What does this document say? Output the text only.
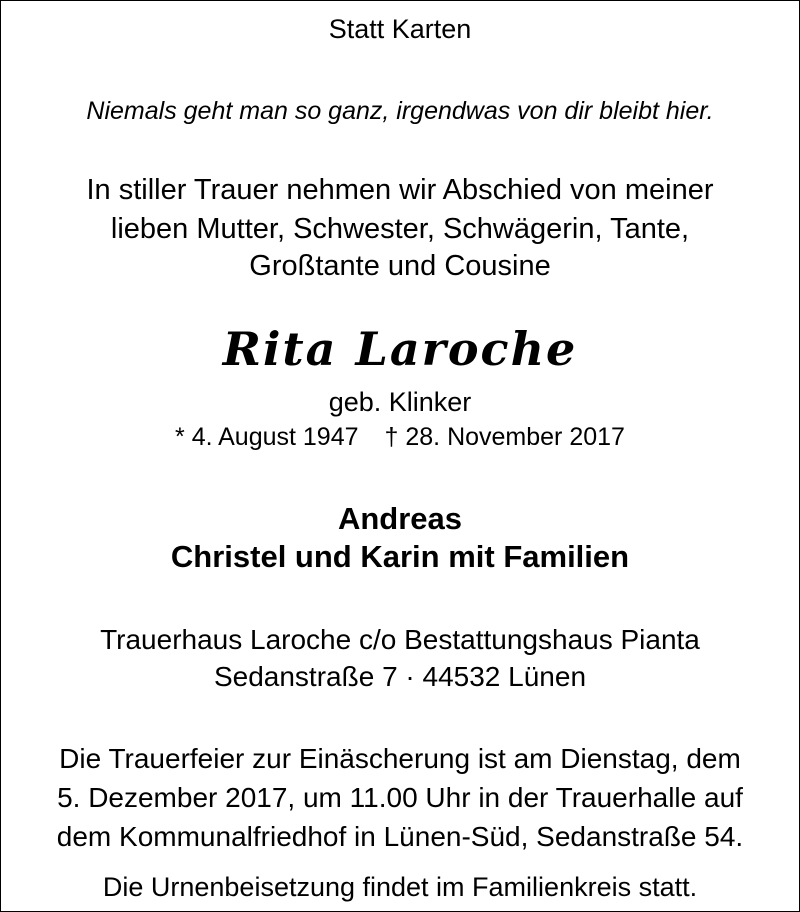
Statt Karten
Niemals geht man so ganz, irgendwas von dir bleibt hier.
In stiller Trauer nehmen wir Abschied von meiner
lieben Mutter, Schwester, Schwägerin, Tante,
Großtante und Cousine
Rita Laroche
geb. Klinker
* 4. August 1947 † 28. November 2017
Andreas
Christel und Karin mit Familien
Trauerhaus Laroche c/o Bestattungshaus Pianta
Sedanstraße 7 · 44532 Lünen
Die Trauerfeier zur Einäscherung ist am Dienstag, dem
5. Dezember 2017, um 11.00 Uhr in der Trauerhalle auf
dem Kommunalfriedhof in Lünen-Süd, Sedanstraße 54.
Die Urnenbeisetzung findet im Familienkreis statt.
